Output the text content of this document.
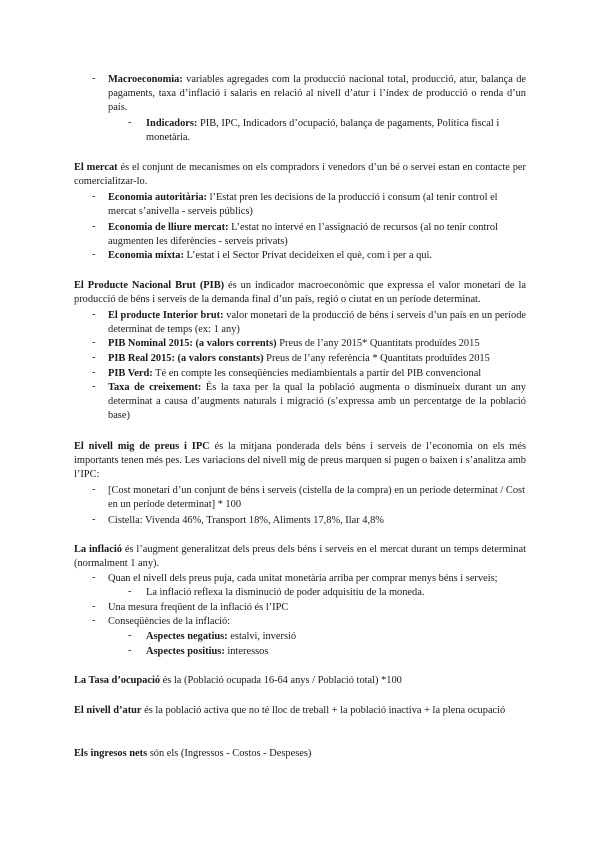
- Macroeconomia: variables agregades com la producció nacional total, producció, atur, balança de pagaments, taxa d’inflació i salaris en relació al nivell d’atur i l’índex de producció o renda d’un país.

- Indicadors: PIB, IPC, Indicadors d’ocupació, balança de pagaments, Política fiscal i monetària.

El mercat és el conjunt de mecanismes on els compradors i venedors d’un bé o servei estan en contacte per comercialitzar-lo.

- Economia autoritària: l’Estat pren les decisions de la producció i consum (al tenir control el mercat s’anivella - serveis públics)

- Economia de lliure mercat: L’estat no intervé en l’assignació de recursos (al no tenir control augmenten les diferències - serveis privats)

- Economia mixta: L’estat i el Sector Privat decideixen el què, com i per a qui.

El Producte Nacional Brut (PIB) és un indicador macroeconòmic que expressa el valor monetari de la producció de béns i serveis de la demanda final d’un país, regió o ciutat en un període determinat.

- El producte Interior brut: valor monetari de la producció de béns i serveis d’un país en un període determinat de temps (ex: 1 any)

- PIB Nominal 2015: (a valors corrents) Preus de l’any 2015* Quantitats produïdes 2015

- PIB Real 2015: (a valors constants) Preus de l’any referència * Quantitats produïdes 2015

- PIB Verd: Té en compte les conseqüències mediambientals a partir del PIB convencional

- Taxa de creixement: És la taxa per la qual la població augmenta o disminueix durant un any determinat a causa d’augments naturals i migració (s’expressa amb un percentatge de la població base)

El nivell mig de preus i IPC és la mitjana ponderada dels béns i serveis de l’economia on els més importants tenen més pes. Les variacions del nivell mig de preus marquen si pugen o baixen i s’analitza amb l’IPC:

- [Cost monetari d’un conjunt de béns i serveis (cistella de la compra) en un període determinat / Cost en un període determinat] * 100

- Cistella: Vivenda 46%, Transport 18%, Aliments 17,8%, Ilar 4,8%

La inflació és l’augment generalitzat dels preus dels béns i serveis en el mercat durant un temps determinat (normalment 1 any).

- Quan el nivell dels preus puja, cada unitat monetària arriba per comprar menys béns i serveis;

- La inflació reflexa la disminució de poder adquisitiu de la moneda.

- Una mesura freqüent de la inflació és l’IPC

- Conseqüències de la inflació:

- Aspectes negatius: estalvi, inversió

- Aspectes positius: interessos

La Tasa d’ocupació és la (Població ocupada 16-64 anys / Població total) *100

El nivell d’atur és la població activa que no té lloc de treball + la població inactiva + la plena ocupació

Els ingresos nets són els (Ingressos - Costos - Despeses)
